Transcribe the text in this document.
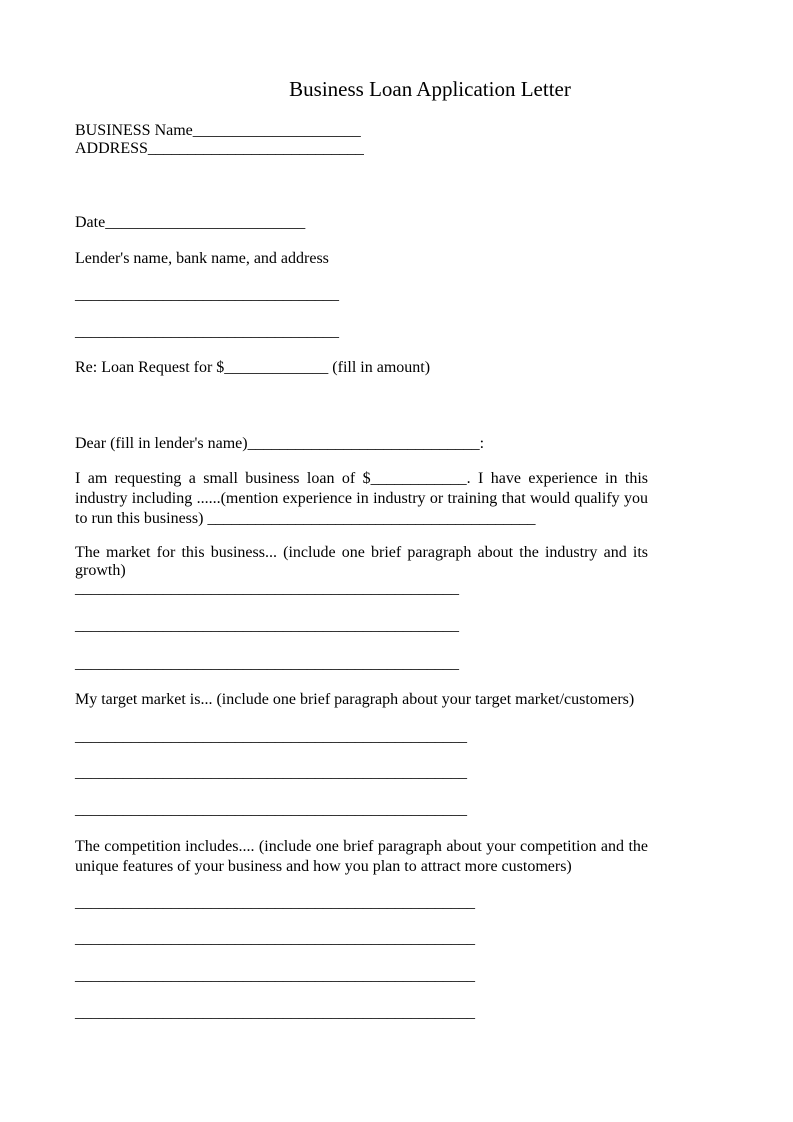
Business Loan Application Letter
BUSINESS Name_____________________
ADDRESS___________________________
Date_________________________
Lender's name, bank name, and address
_________________________________
_________________________________
Re: Loan Request for $_____________ (fill in amount)
Dear (fill in lender's name)_____________________________:

I am requesting a small business loan of $____________. I have experience in this industry including ......(mention experience in industry or training that would qualify you to run this business) _________________________________________

The market for this business... (include one brief paragraph about the industry and its growth)
________________________________________________
________________________________________________
________________________________________________
My target market is... (include one brief paragraph about your target market/customers)
_________________________________________________
_________________________________________________
_________________________________________________

The competition includes.... (include one brief paragraph about your competition and the unique features of your business and how you plan to attract more customers)

__________________________________________________
__________________________________________________
__________________________________________________
__________________________________________________
